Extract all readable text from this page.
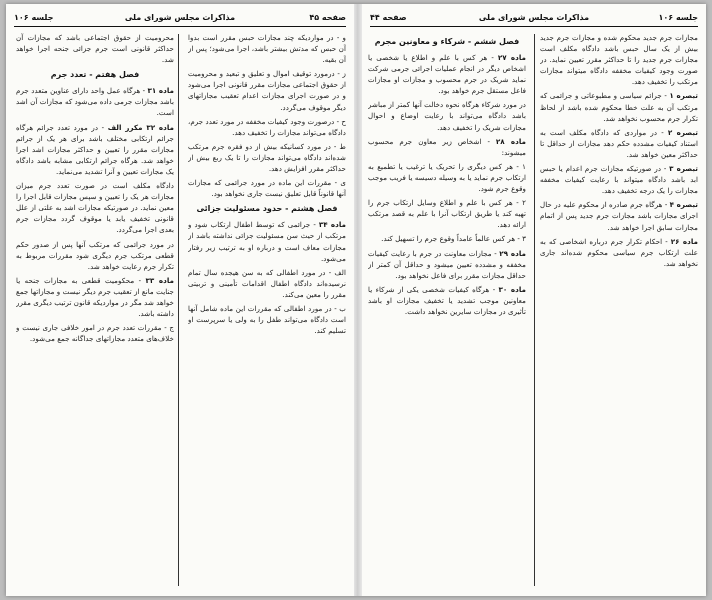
صفحه ۴۵
مذاکرات مجلس شورای ملی
جلسه ۱۰۶

و - در مواردیکه چند مجازات حبس مقرر است بدوا آن حبس که مدتش بیشتر باشد، اجرا می‌شود؛ پس از آن بقیه.

ز - درمورد توقیف اموال و تعلیق و تبعید و محرومیت از حقوق اجتماعی مجازات مقرر قانونی اجرا می‌شود و در صورت اجرای مجازات اعدام تعقیب مجازاتهای دیگر موقوف می‌گردد.

ح - درصورت وجود کیفیات مخففه در مورد تعدد جرم، دادگاه می‌تواند مجازات را تخفیف دهد.

ط - در مورد کسانیکه بیش از دو فقره جرم مرتکب شده‌اند دادگاه می‌تواند مجازات را تا یک ربع بیش از حداکثر مقرر افزایش دهد.

ی - مقررات این ماده در مورد جرائمی که مجازات آنها قانوناً قابل تعلیق نیست جاری نخواهد بود.

فصل هشتم - حدود مسئولیت جزائی

ماده ۳۴ - جرائمی که توسط اطفال ارتکاب شود و مرتکب از حیث سن مسئولیت جزائی نداشته باشد از مجازات معاف است و درباره او به ترتیب زیر رفتار می‌شود.

الف - در مورد اطفالی که به سن هیجده سال تمام نرسیده‌اند دادگاه اطفال اقدامات تأمینی و تربیتی مقرر را معین می‌کند.

ب - در مورد اطفالی که مقررات این ماده شامل آنها است دادگاه می‌تواند طفل را به ولی یا سرپرست او تسلیم کند.

محرومیت از حقوق اجتماعی باشد که مجازات آن حداکثر قانونی است جرم جزائی جنحه اجرا خواهد شد.

فصل هفتم - تعدد جرم

ماده ۳۱ - هرگاه عمل واحد دارای عناوین متعدد جرم باشد مجازات جرمی داده می‌شود که مجازات آن اشد است.

ماده ۳۲ مکرر الف - در مورد تعدد جرائم هرگاه جرائم ارتکابی مختلف باشد برای هر یک از جرائم مجازات مقرر را تعیین و حداکثر مجازات اشد اجرا خواهد شد. هرگاه جرائم ارتکابی مشابه باشد دادگاه یک مجازات تعیین و آنرا تشدید می‌نماید.

دادگاه مکلف است در صورت تعدد جرم میزان مجازات هر یک را تعیین و سپس مجازات قابل اجرا را معین نماید. در صورتیکه مجازات اشد به علتی از علل قانونی تخفیف یابد یا موقوف گردد مجازات جرم بعدی اجرا می‌گردد.

در مورد جرائمی که مرتکب آنها پس از صدور حکم قطعی مرتکب جرم دیگری شود مقررات مربوط به تکرار جرم رعایت خواهد شد.

ماده ۳۳ - محکومیت قطعی به مجازات جنحه یا جنایت مانع از تعقیب جرم دیگر نیست و مجازاتها جمع خواهد شد مگر در مواردیکه قانون ترتیب دیگری مقرر داشته باشد.

ج - مقررات تعدد جرم در امور خلافی جاری نیست و خلاف‌های متعدد مجازاتهای جداگانه جمع می‌شود.

صفحه ۴۴	مذاکرات مجلس شورای ملی	جلسه ۱۰۶

مجازات جرم جدید محکوم شده و مجازات جرم جدید بیش از یک سال حبس باشد دادگاه مکلف است مجازات جرم جدید را تا حداکثر مقرر تعیین نماید. در صورت وجود کیفیات مخففه دادگاه میتواند مجازات مرتکب را تخفیف دهد.

تبصره ۱ - جرائم سیاسی و مطبوعاتی و جرائمی که مرتکب آن به علت خطا محکوم شده باشد از لحاظ تکرار جرم محسوب نخواهد شد.

تبصره ۲ - در مواردی که دادگاه مکلف است به استناد کیفیات مشدده حکم دهد مجازات از حداقل تا حداکثر معین خواهد شد.

تبصره ۳ - در صورتیکه مجازات جرم اعدام یا حبس ابد باشد دادگاه میتواند با رعایت کیفیات مخففه مجازات را یک درجه تخفیف دهد.

تبصره ۴ - هرگاه جرم صادره از محکوم علیه در حال اجرای مجازات باشد مجازات جرم جدید پس از اتمام مجازات سابق اجرا خواهد شد.

ماده ۲۶ - احکام تکرار جرم درباره اشخاصی که به علت ارتکاب جرم سیاسی محکوم شده‌اند جاری نخواهد شد.

فصل ششم - شرکاء و معاونین مجرم

ماده ۲۷ - هر کس با علم و اطلاع یا شخصی یا اشخاص دیگر در انجام عملیات اجرائی جرمی شرکت نماید شریک در جرم محسوب و مجازات او مجازات فاعل مستقل جرم خواهد بود.

در مورد شرکاء هرگاه نحوه دخالت آنها کمتر از مباشر باشد دادگاه می‌تواند با رعایت اوضاع و احوال مجازات شریک را تخفیف دهد.

ماده ۲۸ - اشخاص زیر معاون جرم محسوب میشوند:

۱ - هر کس دیگری را تحریک یا ترغیب یا تطمیع به ارتکاب جرم نماید یا به وسیله دسیسه یا فریب موجب وقوع جرم شود.

۲ - هر کس با علم و اطلاع وسایل ارتکاب جرم را تهیه کند یا طریق ارتکاب آنرا با علم به قصد مرتکب ارائه دهد.

۳ - هر کس عالماً عامداً وقوع جرم را تسهیل کند.

ماده ۲۹ - مجازات معاونت در جرم با رعایت کیفیات مخففه و مشدده تعیین میشود و حداقل آن کمتر از حداقل مجازات مقرر برای فاعل نخواهد بود.

ماده ۳۰ - هرگاه کیفیات شخصی یکی از شرکاء یا معاونین موجب تشدید یا تخفیف مجازات او باشد تأثیری در مجازات سایرین نخواهد داشت.
